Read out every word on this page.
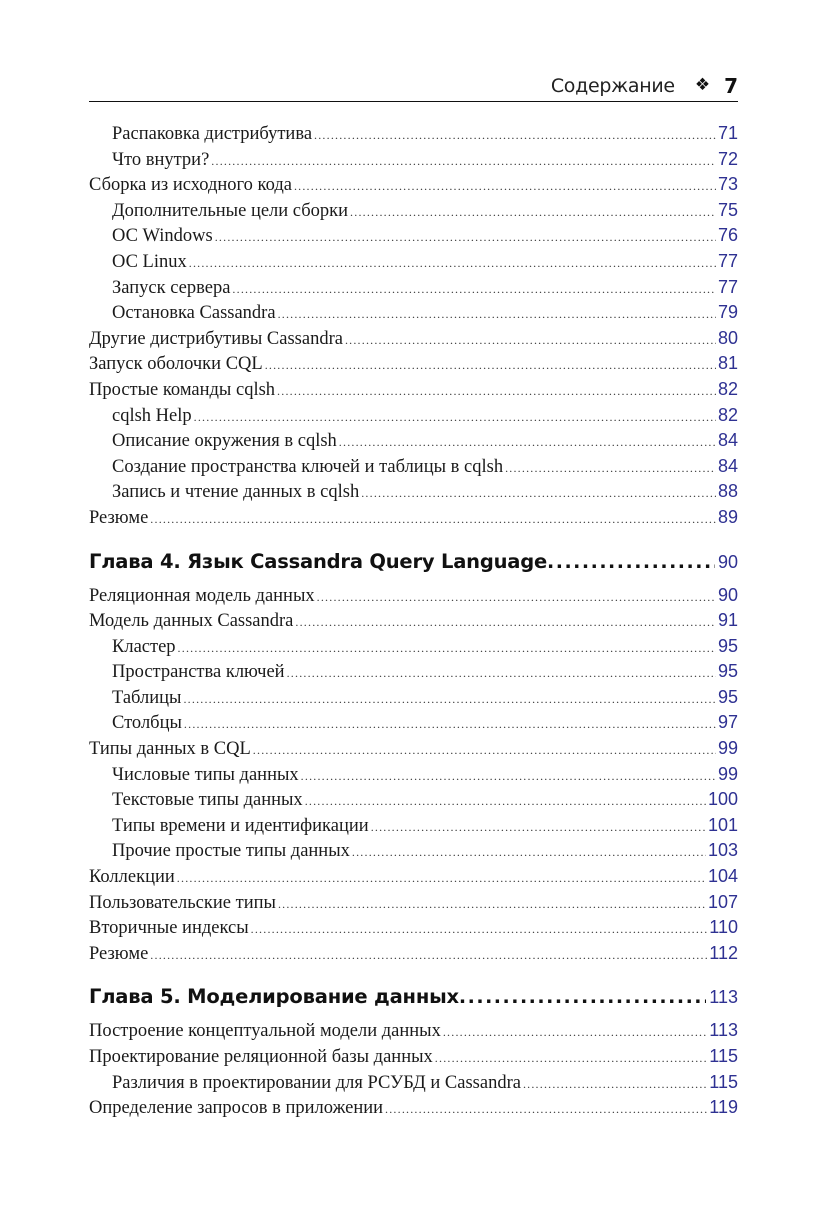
Содержание ❖ 7
Распаковка дистрибутива .....	71
Что внутри? .....	72
Сборка из исходного кода .....	73
Дополнительные цели сборки .....	75
ОС Windows .....	76
ОС Linux .....	77
Запуск сервера .....	77
Остановка Cassandra .....	79
Другие дистрибутивы Cassandra .....	80
Запуск оболочки CQL .....	81
Простые команды cqlsh .....	82
cqlsh Help .....	82
Описание окружения в cqlsh .....	84
Создание пространства ключей и таблицы в cqlsh .....	84
Запись и чтение данных в cqlsh .....	88
Резюме .....	89
Глава 4. Язык Cassandra Query Language .....	90
Реляционная модель данных .....	90
Модель данных Cassandra .....	91
Кластер .....	95
Пространства ключей .....	95
Таблицы .....	95
Столбцы .....	97
Типы данных в CQL .....	99
Числовые типы данных .....	99
Текстовые типы данных .....	100
Типы времени и идентификации .....	101
Прочие простые типы данных .....	103
Коллекции .....	104
Пользовательские типы .....	107
Вторичные индексы .....	110
Резюме .....	112
Глава 5. Моделирование данных .....	113
Построение концептуальной модели данных .....	113
Проектирование реляционной базы данных .....	115
Различия в проектировании для РСУБД и Cassandra .....	115
Определение запросов в приложении .....	119
